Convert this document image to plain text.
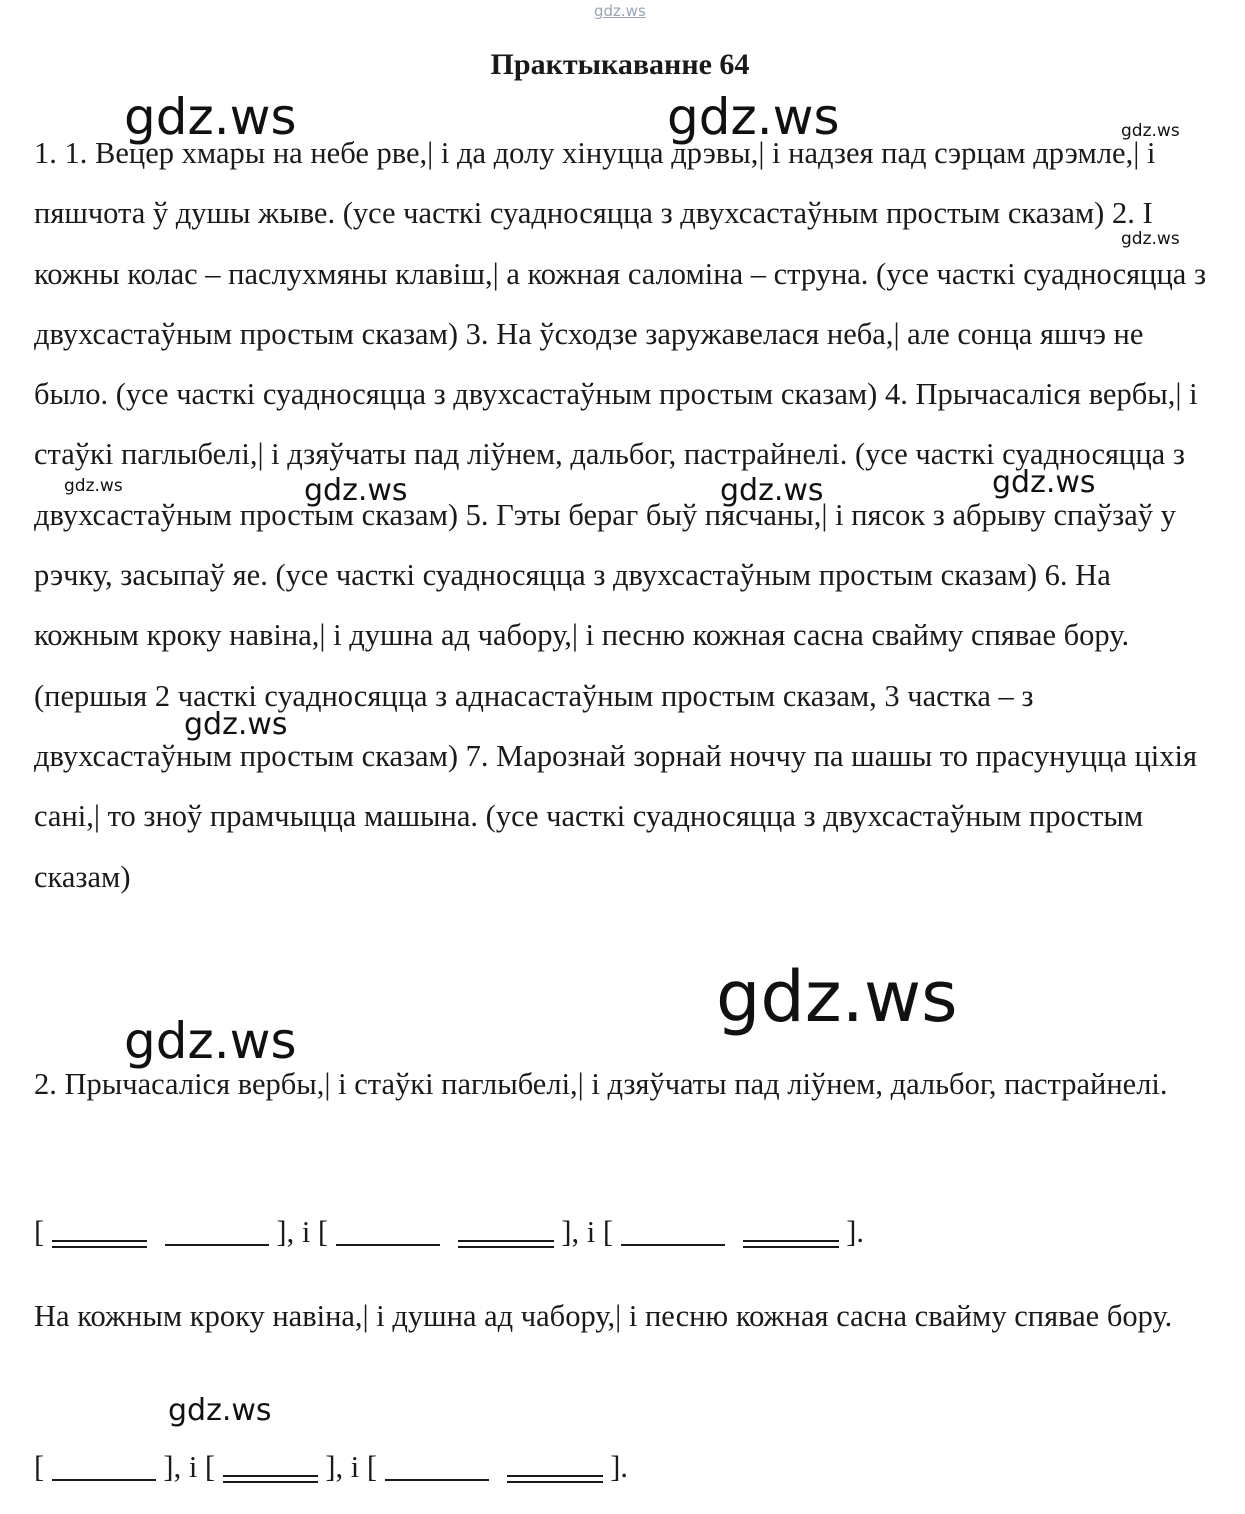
gdz.ws
gdz.ws	gdz.ws	gdz.ws
gdz.ws
gdz.ws	gdz.ws	gdz.ws	gdz.ws
gdz.ws
gdz.ws
gdz.ws
gdz.ws
Практыкаванне 64
1. 1. Вецер хмары на небе рве,| і да долу хінуцца дрэвы,| і надзея пад сэрцам дрэмле,| і пяшчота ў душы жыве. (усе часткі суадносяцца з двухсастаўным простым сказам) 2. І кожны колас – паслухмяны клавіш,| а кожная саломіна – струна. (усе часткі суадносяцца з двухсастаўным простым сказам) 3. На ўсходзе заружавелася неба,| але сонца яшчэ не было. (усе часткі суадносяцца з двухсастаўным простым сказам) 4. Прычасаліся вербы,| і стаўкі паглыбелі,| і дзяўчаты пад ліўнем, дальбог, пастрайнелі. (усе часткі суадносяцца з двухсастаўным простым сказам) 5. Гэты бераг быў пясчаны,| і пясок з абрыву спаўзаў у рэчку, засыпаў яе. (усе часткі суадносяцца з двухсастаўным простым сказам) 6. На кожным кроку навіна,| і душна ад чабору,| і песню кожная сасна свайму спявае бору. (першыя 2 часткі суадносяцца з аднасастаўным простым сказам, 3 частка – з двухсастаўным простым сказам) 7. Марознай зорнай ноччу па шашы то прасунуцца ціхія сані,| то зноў прамчыцца машына. (усе часткі суадносяцца з двухсастаўным простым сказам)
2. Прычасаліся вербы,| і стаўкі паглыбелі,| і дзяўчаты пад ліўнем, дальбог, пастрайнелі.
[	], і [	], і [	].
На кожным кроку навіна,| і душна ад чабору,| і песню кожная сасна свайму спявае бору.
[	], і [	], і [	].
